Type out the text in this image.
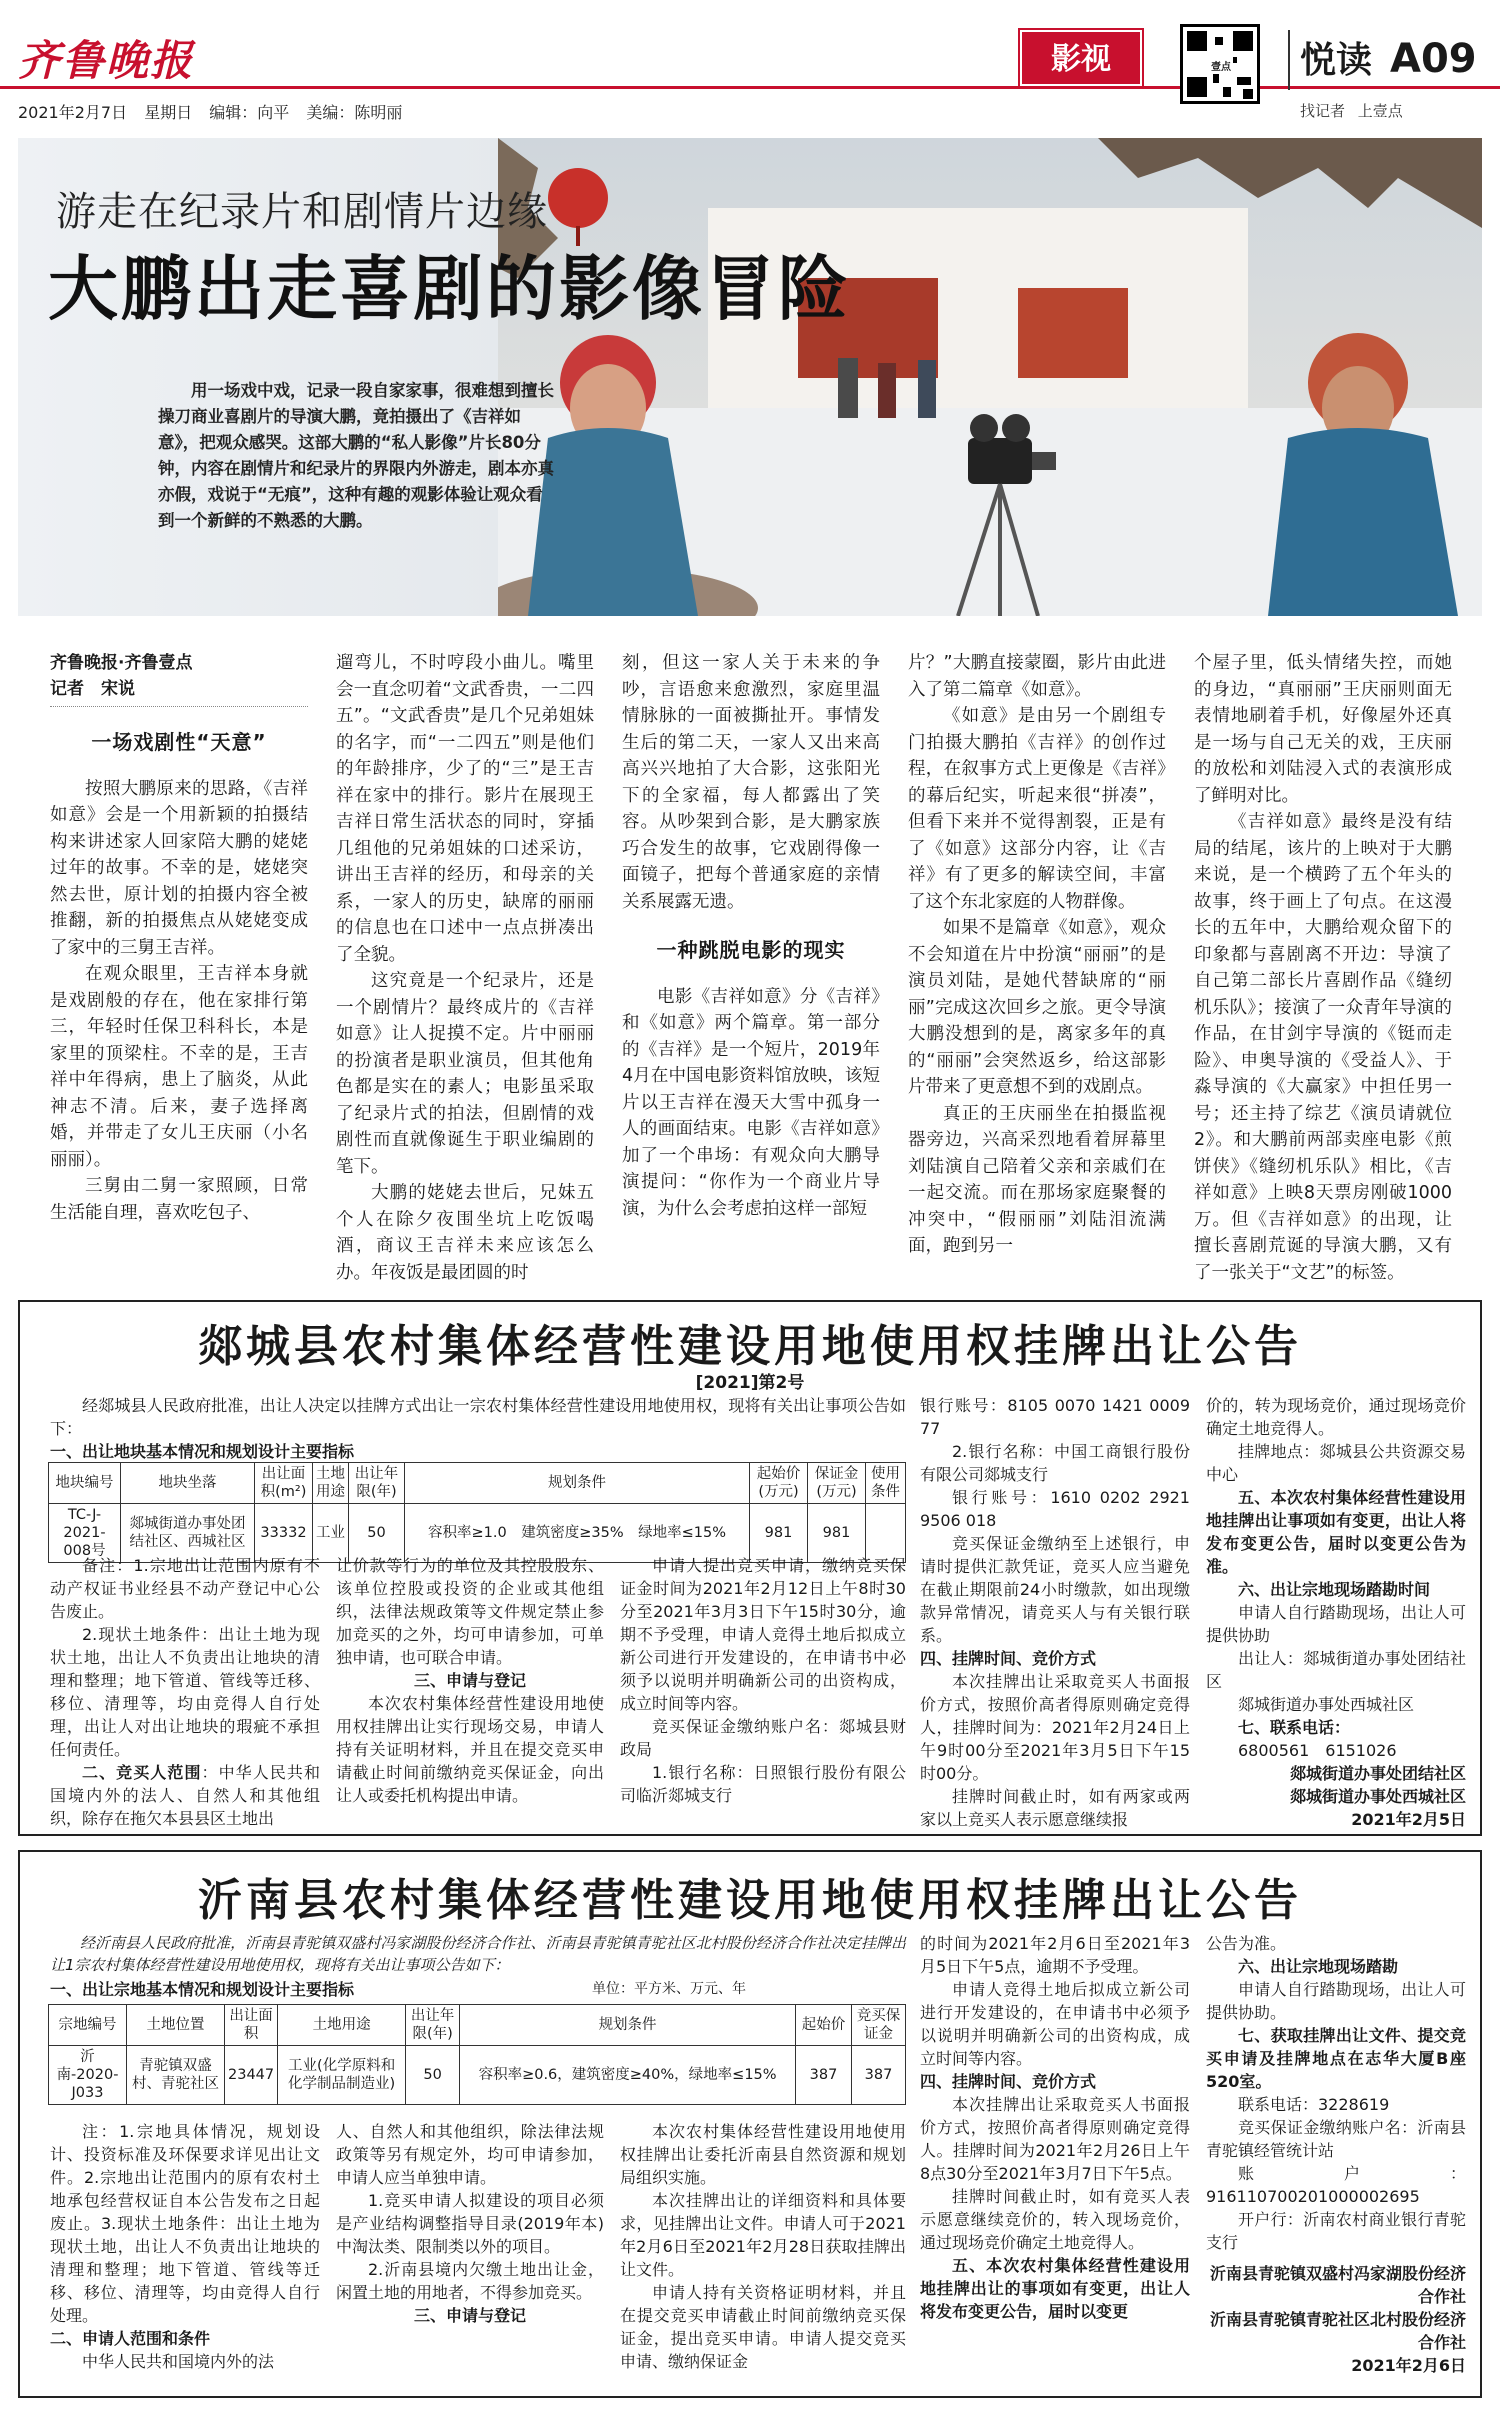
齐鲁晚报
2021年2月7日 星期日 编辑：向平 美编：陈明丽
影视	壹点 悦读 A09
找记者 上壹点
游走在纪录片和剧情片边缘
大鹏出走喜剧的影像冒险
用一场戏中戏，记录一段自家家事，很难想到擅长操刀商业喜剧片的导演大鹏，竟拍摄出了《吉祥如意》，把观众感哭。这部大鹏的“私人影像”片长80分钟，内容在剧情片和纪录片的界限内外游走，剧本亦真亦假，戏说于“无痕”，这种有趣的观影体验让观众看到一个新鲜的不熟悉的大鹏。
齐鲁晚报·齐鲁壹点
记者　宋说
一场戏剧性“天意”

按照大鹏原来的思路，《吉祥如意》会是一个用新颖的拍摄结构来讲述家人回家陪大鹏的姥姥过年的故事。不幸的是，姥姥突然去世，原计划的拍摄内容全被推翻，新的拍摄焦点从姥姥变成了家中的三舅王吉祥。

在观众眼里，王吉祥本身就是戏剧般的存在，他在家排行第三，年轻时任保卫科科长，本是家里的顶梁柱。不幸的是，王吉祥中年得病，患上了脑炎，从此神志不清。后来，妻子选择离婚，并带走了女儿王庆丽（小名丽丽）。

三舅由二舅一家照顾，日常生活能自理，喜欢吃包子、

遛弯儿，不时哼段小曲儿。嘴里会一直念叨着“文武香贵，一二四五”。“文武香贵”是几个兄弟姐妹的名字，而“一二四五”则是他们的年龄排序，少了的“三”是王吉祥在家中的排行。影片在展现王吉祥日常生活状态的同时，穿插几组他的兄弟姐妹的口述采访，讲出王吉祥的经历，和母亲的关系，一家人的历史，缺席的丽丽的信息也在口述中一点点拼凑出了全貌。

这究竟是一个纪录片，还是一个剧情片？最终成片的《吉祥如意》让人捉摸不定。片中丽丽的扮演者是职业演员，但其他角色都是实在的素人；电影虽采取了纪录片式的拍法，但剧情的戏剧性而直就像诞生于职业编剧的笔下。

大鹏的姥姥去世后，兄妹五个人在除夕夜围坐坑上吃饭喝酒，商议王吉祥未来应该怎么办。年夜饭是最团圆的时

刻，但这一家人关于未来的争吵，言语愈来愈激烈，家庭里温情脉脉的一面被撕扯开。事情发生后的第二天，一家人又出来高高兴兴地拍了大合影，这张阳光下的全家福，每人都露出了笑容。从吵架到合影，是大鹏家族巧合发生的故事，它戏剧得像一面镜子，把每个普通家庭的亲情关系展露无遗。

一种跳脱电影的现实

电影《吉祥如意》分《吉祥》和《如意》两个篇章。第一部分的《吉祥》是一个短片，2019年4月在中国电影资料馆放映，该短片以王吉祥在漫天大雪中孤身一人的画面结束。电影《吉祥如意》加了一个串场：有观众向大鹏导演提问：“你作为一个商业片导演，为什么会考虑拍这样一部短

片？”大鹏直接蒙圈，影片由此进入了第二篇章《如意》。

《如意》是由另一个剧组专门拍摄大鹏拍《吉祥》的创作过程，在叙事方式上更像是《吉祥》的幕后纪实，听起来很“拼凑”，但看下来并不觉得割裂，正是有了《如意》这部分内容，让《吉祥》有了更多的解读空间，丰富了这个东北家庭的人物群像。

如果不是篇章《如意》，观众不会知道在片中扮演“丽丽”的是演员刘陆，是她代替缺席的“丽丽”完成这次回乡之旅。更令导演大鹏没想到的是，离家多年的真的“丽丽”会突然返乡，给这部影片带来了更意想不到的戏剧点。

真正的王庆丽坐在拍摄监视器旁边，兴高采烈地看着屏幕里刘陆演自己陪着父亲和亲戚们在一起交流。而在那场家庭聚餐的冲突中，“假丽丽”刘陆泪流满面，跑到另一

个屋子里，低头情绪失控，而她的身边，“真丽丽”王庆丽则面无表情地刷着手机，好像屋外还真是一场与自己无关的戏，王庆丽的放松和刘陆浸入式的表演形成了鲜明对比。

《吉祥如意》最终是没有结局的结尾，该片的上映对于大鹏来说，是一个横跨了五个年头的故事，终于画上了句点。在这漫长的五年中，大鹏给观众留下的印象都与喜剧离不开边：导演了自己第二部长片喜剧作品《缝纫机乐队》；接演了一众青年导演的作品，在甘剑宇导演的《铤而走险》、申奥导演的《受益人》、于淼导演的《大赢家》中担任男一号；还主持了综艺《演员请就位2》。和大鹏前两部卖座电影《煎饼侠》《缝纫机乐队》相比，《吉祥如意》上映8天票房刚破1000万。但《吉祥如意》的出现，让擅长喜剧荒诞的导演大鹏，又有了一张关于“文艺”的标签。

郯城县农村集体经营性建设用地使用权挂牌出让公告
[2021]第2号

经郯城县人民政府批准，出让人决定以挂牌方式出让一宗农村集体经营性建设用地使用权，现将有关出让事项公告如下：

一、出让地块基本情况和规划设计主要指标

地块编号	地块坐落	出让面积(m²)	土地用途	出让年限(年)	规划条件	起始价(万元)	保证金(万元)	使用条件
TC-J-2021-008号	郯城街道办事处团结社区、西城社区	33332	工业	50	容积率≥1.0　建筑密度≥35%　绿地率≤15%	981	981	

备注：1.宗地出让范围内原有不动产权证书业经县不动产登记中心公告废止。

2.现状土地条件：出让土地为现状土地，出让人不负责出让地块的清理和整理；地下管道、管线等迁移、移位、清理等，均由竞得人自行处理，出让人对出让地块的瑕疵不承担任何责任。

二、竞买人范围：中华人民共和国境内外的法人、自然人和其他组织，除存在拖欠本县县区土地出

让价款等行为的单位及其控股股东、该单位控股或投资的企业或其他组织，法律法规政策等文件规定禁止参加竞买的之外，均可申请参加，可单独申请，也可联合申请。

三、申请与登记

本次农村集体经营性建设用地使用权挂牌出让实行现场交易，申请人持有关证明材料，并且在提交竞买申请截止时间前缴纳竞买保证金，向出让人或委托机构提出申请。

申请人提出竞买申请，缴纳竞买保证金时间为2021年2月12日上午8时30分至2021年3月3日下午15时30分，逾期不予受理，申请人竞得土地后拟成立新公司进行开发建设的，在申请书中必须予以说明并明确新公司的出资构成，成立时间等内容。

竞买保证金缴纳账户名：郯城县财政局

1.银行名称：日照银行股份有限公司临沂郯城支行

银行账号：8105 0070 1421 0009 77

2.银行名称：中国工商银行股份有限公司郯城支行

银行账号：1610 0202 2921 9506 018

竞买保证金缴纳至上述银行，申请时提供汇款凭证，竞买人应当避免在截止期限前24小时缴款，如出现缴款异常情况，请竞买人与有关银行联系。

四、挂牌时间、竞价方式

本次挂牌出让采取竞买人书面报价方式，按照价高者得原则确定竞得人，挂牌时间为：2021年2月24日上午9时00分至2021年3月5日下午15时00分。

挂牌时间截止时，如有两家或两家以上竞买人表示愿意继续报

价的，转为现场竞价，通过现场竞价确定土地竞得人。

挂牌地点：郯城县公共资源交易中心

五、本次农村集体经营性建设用地挂牌出让事项如有变更，出让人将发布变更公告，届时以变更公告为准。

六、出让宗地现场踏勘时间

申请人自行踏勘现场，出让人可提供协助

出让人：郯城街道办事处团结社区

郯城街道办事处西城社区

七、联系电话：

6800561　6151026

郯城街道办事处团结社区
郯城街道办事处西城社区
2021年2月5日
沂南县农村集体经营性建设用地使用权挂牌出让公告

经沂南县人民政府批准，沂南县青驼镇双盛村冯家湖股份经济合作社、沂南县青驼镇青驼社区北村股份经济合作社决定挂牌出让1宗农村集体经营性建设用地使用权，现将有关出让事项公告如下：

一、出让宗地基本情况和规划设计主要指标	单位：平方米、万元、年
宗地编号	土地位置	出让面积	土地用途	出让年限(年)	规划条件	起始价	竞买保证金
沂南-2020-J033	青驼镇双盛村、青驼社区	23447	工业(化学原料和化学制品制造业)	50	容积率≥0.6，建筑密度≥40%，绿地率≤15%	387	387

注：1.宗地具体情况，规划设计、投资标准及环保要求详见出让文件。2.宗地出让范围内的原有农村土地承包经营权证自本公告发布之日起废止。3.现状土地条件：出让土地为现状土地，出让人不负责出让地块的清理和整理；地下管道、管线等迁移、移位、清理等，均由竞得人自行处理。

二、申请人范围和条件

中华人民共和国境内外的法

人、自然人和其他组织，除法律法规政策等另有规定外，均可申请参加，申请人应当单独申请。

1.竞买申请人拟建设的项目必须是产业结构调整指导目录(2019年本)中淘汰类、限制类以外的项目。

2.沂南县境内欠缴土地出让金，闲置土地的用地者，不得参加竞买。

三、申请与登记

本次农村集体经营性建设用地使用权挂牌出让委托沂南县自然资源和规划局组织实施。

本次挂牌出让的详细资料和具体要求，见挂牌出让文件。申请人可于2021年2月6日至2021年2月28日获取挂牌出让文件。

申请人持有关资格证明材料，并且在提交竞买申请截止时间前缴纳竞买保证金，提出竞买申请。申请人提交竞买申请、缴纳保证金

的时间为2021年2月6日至2021年3月5日下午5点，逾期不予受理。

申请人竞得土地后拟成立新公司进行开发建设的，在申请书中必须予以说明并明确新公司的出资构成，成立时间等内容。

四、挂牌时间、竞价方式

本次挂牌出让采取竞买人书面报价方式，按照价高者得原则确定竞得人。挂牌时间为2021年2月26日上午8点30分至2021年3月7日下午5点。

挂牌时间截止时，如有竞买人表示愿意继续竞价的，转入现场竞价，通过现场竞价确定土地竞得人。

五、本次农村集体经营性建设用地挂牌出让的事项如有变更，出让人将发布变更公告，届时以变更

公告为准。

六、出让宗地现场踏勘

申请人自行踏勘现场，出让人可提供协助。

七、获取挂牌出让文件、提交竞买申请及挂牌地点在志华大厦B座520室。

联系电话：3228619

竞买保证金缴纳账户名：沂南县青驼镇经管统计站

账户：916110700201000002695

开户行：沂南农村商业银行青驼支行

沂南县青驼镇双盛村冯家湖股份经济合作社
沂南县青驼镇青驼社区北村股份经济合作社
2021年2月6日
